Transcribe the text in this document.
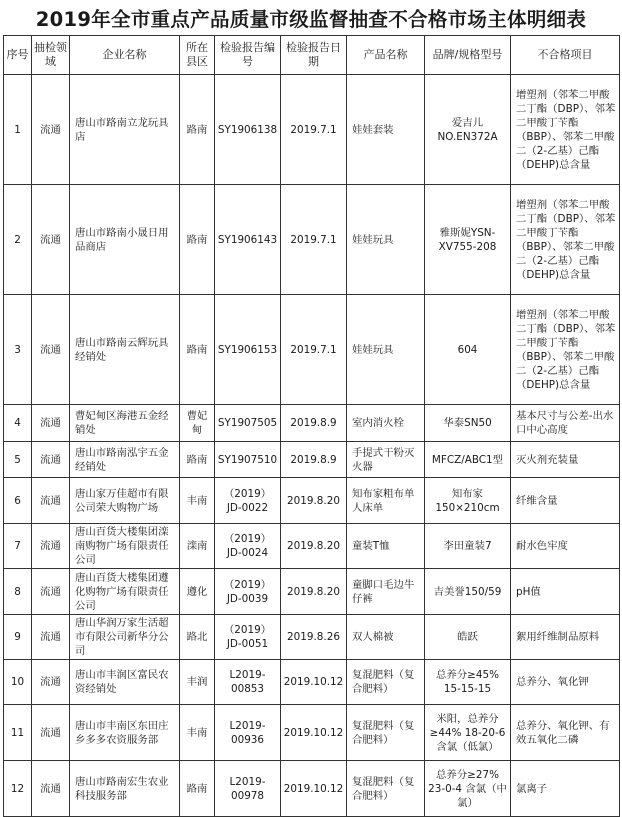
2019年全市重点产品质量市级监督抽查不合格市场主体明细表
序号	抽检领域	企业名称	所在县区	检验报告编号	检验报告日期	产品名称	品牌/规格型号	不合格项目
1	流通	唐山市路南立龙玩具店	路南	SY1906138	2019.7.1	娃娃套装	爱吉儿 NO.EN372A	增塑剂（邻苯二甲酸二丁酯（DBP）、邻苯二甲酸丁苄酯（BBP）、邻苯二甲酸二（2-乙基）己酯（DEHP)总含量
2	流通	唐山市路南小晟日用品商店	路南	SY1906143	2019.7.1	娃娃玩具	雅斯妮YSN-XV755-208	增塑剂（邻苯二甲酸二丁酯（DBP）、邻苯二甲酸丁苄酯（BBP）、邻苯二甲酸二（2-乙基）己酯（DEHP)总含量
3	流通	唐山市路南云辉玩具经销处	路南	SY1906153	2019.7.1	娃娃玩具	604	增塑剂（邻苯二甲酸二丁酯（DBP）、邻苯二甲酸丁苄酯（BBP）、邻苯二甲酸二（2-乙基）己酯（DEHP)总含量
4	流通	曹妃甸区海港五金经销处	曹妃甸	SY1907505	2019.8.9	室内消火栓	华泰SN50	基本尺寸与公差-出水口中心高度
5	流通	唐山市路南泓宇五金经销处	路南	SY1907510	2019.8.9	手提式干粉灭火器	MFCZ/ABC1型	灭火剂充装量
6	流通	唐山家万佳超市有限公司荣大购物广场	丰南	（2019）JD-0022	2019.8.20	知布家粗布单人床单	知布家 150×210cm	纤维含量
7	流通	唐山百货大楼集团滦南购物广场有限责任公司	滦南	（2019）JD-0024	2019.8.20	童装T恤	李田童装7	耐水色牢度
8	流通	唐山百货大楼集团遵化购物广场有限责任公司	遵化	（2019）JD-0039	2019.8.20	童脚口毛边牛仔裤	吉美誉150/59	pH值
9	流通	唐山华润万家生活超市有限公司新华分公司	路北	（2019）JD-0051	2019.8.26	双人棉被	皓跃	絮用纤维制品原料
10	流通	唐山市丰润区富民农资经销处	丰润	L2019-00853	2019.10.12	复混肥料（复合肥料）	总养分≥45% 15-15-15	总养分、氧化钾
11	流通	唐山市丰南区东田庄乡多多农资服务部	丰南	L2019-00936	2019.10.12	复混肥料（复合肥料）	米阳，总养分≥44% 18-20-6 含氯（低氯）	总养分、氧化钾、有效五氧化二磷
12	流通	唐山市路南宏生农业科技服务部	路南	L2019-00978	2019.10.12	复混肥料（复合肥料）	总养分≥27% 23-0-4 含氯（中氯）	氯离子
